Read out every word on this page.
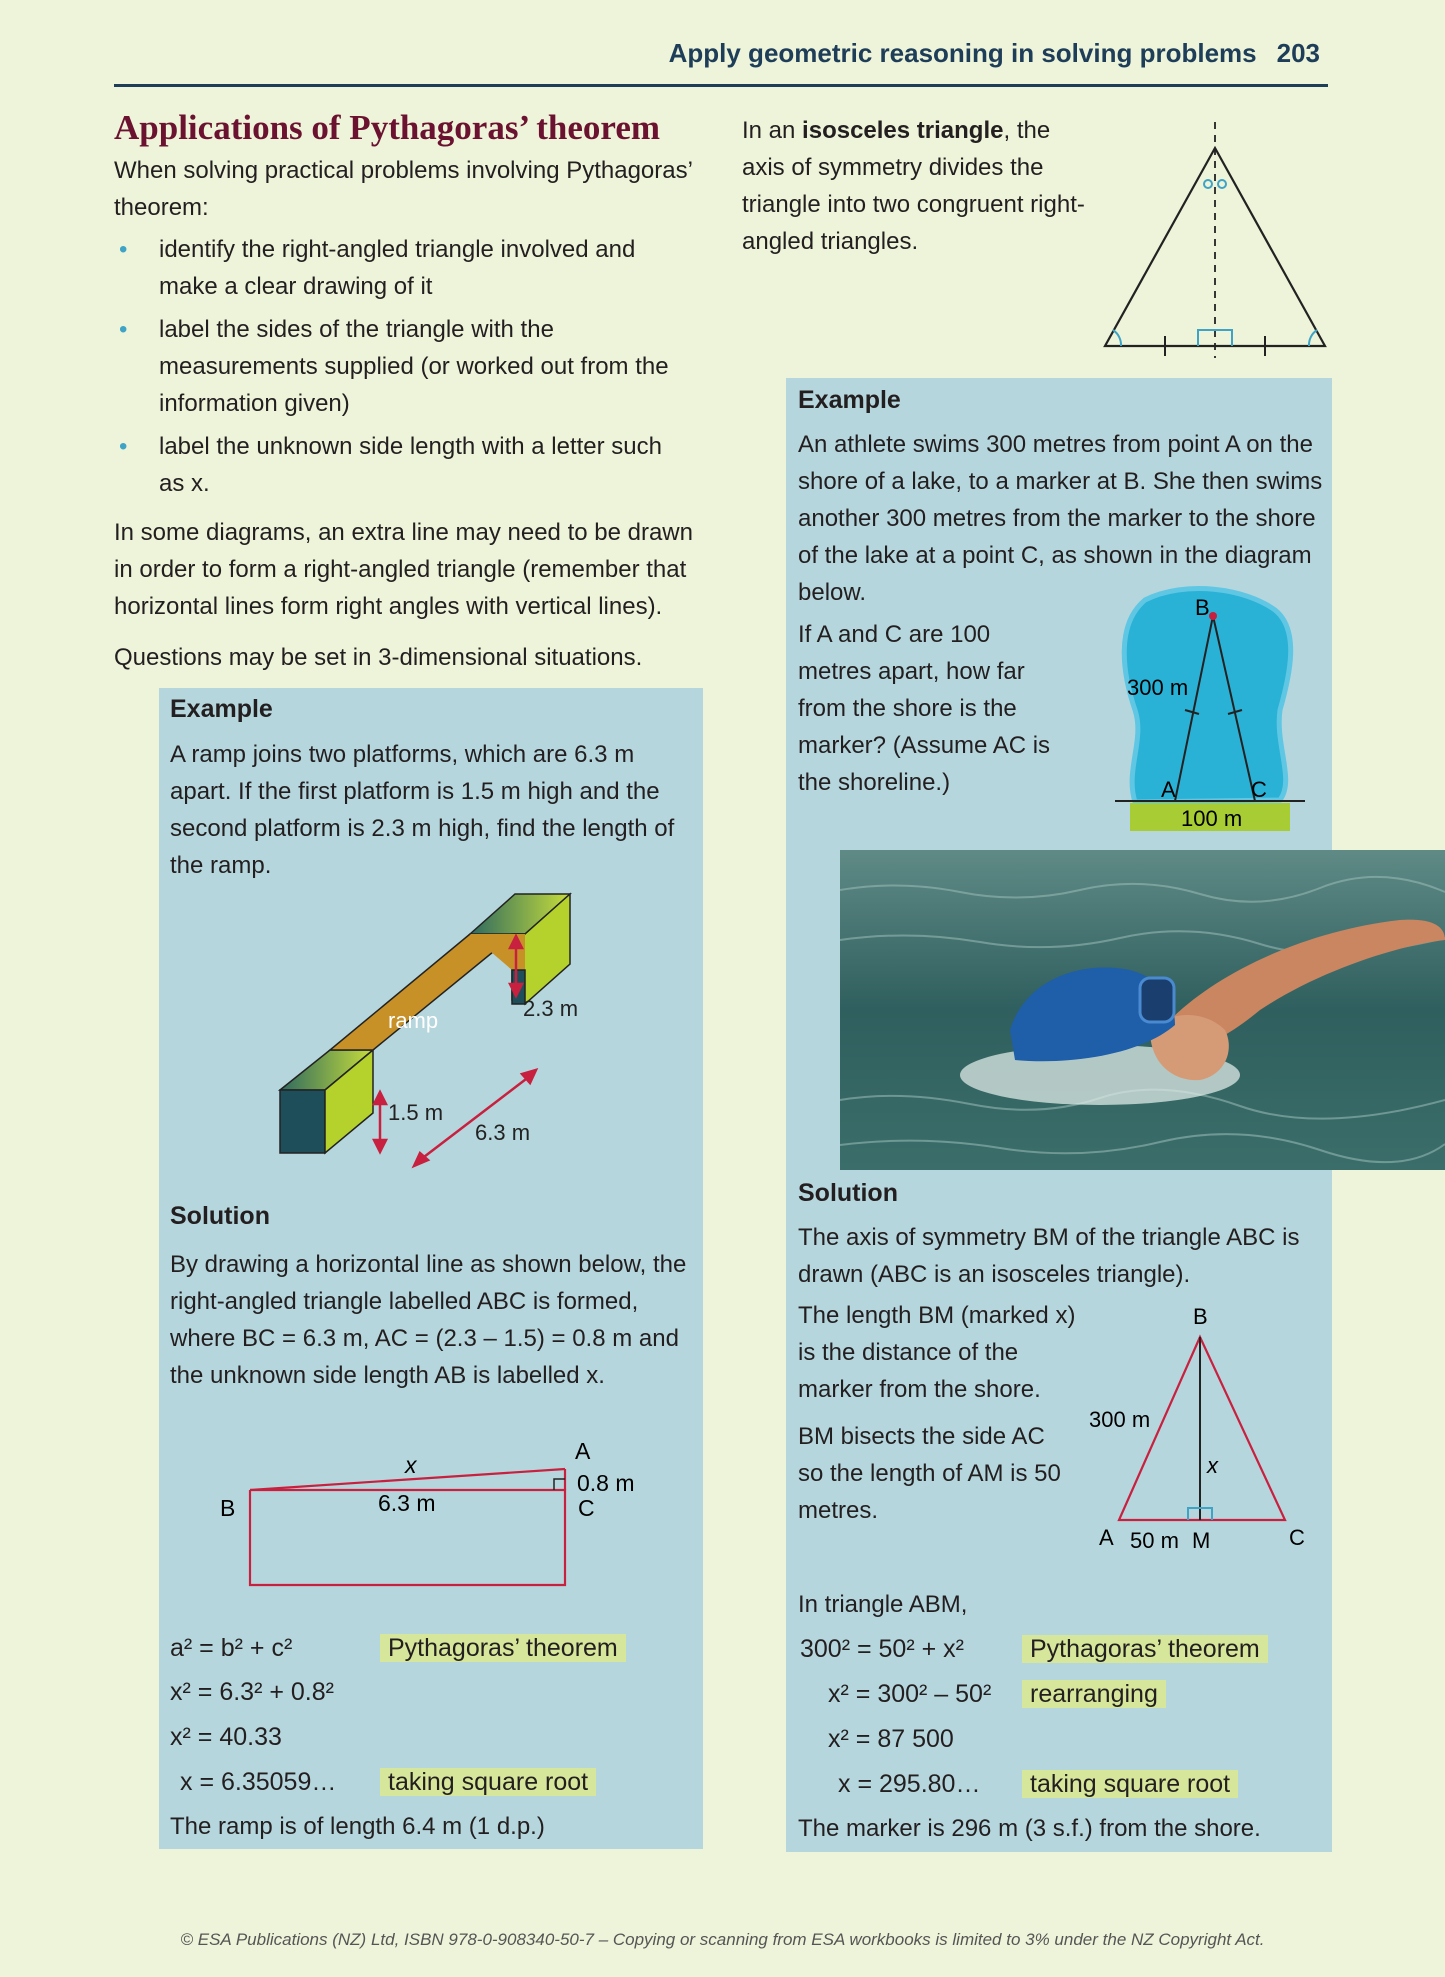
Apply geometric reasoning in solving problems 203
Applications of Pythagoras’ theorem
When solving practical problems involving Pythagoras’ theorem:
• identify the right-angled triangle involved and make a clear drawing of it
• label the sides of the triangle with the measurements supplied (or worked out from the information given)
• label the unknown side length with a letter such as x.
In some diagrams, an extra line may need to be drawn in order to form a right-angled triangle (remember that horizontal lines form right angles with vertical lines).
Questions may be set in 3-dimensional situations.
Example
A ramp joins two platforms, which are 6.3 m apart. If the first platform is 1.5 m high and the second platform is 2.3 m high, find the length of the ramp.
ramp	2.3 m
1.5 m
6.3 m
Solution
By drawing a horizontal line as shown below, the right-angled triangle labelled ABC is formed, where BC = 6.3 m, AC = (2.3 – 1.5) = 0.8 m and the unknown side length AB is labelled x.
A
B	C
x
6.3 m
0.8 m
a² = b² + c²	Pythagoras’ theorem
x² = 6.3² + 0.8²
x² = 40.33
x = 6.35059…	taking square root
The ramp is of length 6.4 m (1 d.p.)
In an isosceles triangle, the axis of symmetry divides the triangle into two congruent right-angled triangles.
Example
An athlete swims 300 metres from point A on the shore of a lake, to a marker at B. She then swims another 300 metres from the marker to the shore of the lake at a point C, as shown in the diagram below.
If A and C are 100 metres apart, how far from the shore is the marker? (Assume AC is the shoreline.)
B
300 m
A	C
100 m
Solution
The axis of symmetry BM of the triangle ABC is drawn (ABC is an isosceles triangle).
The length BM (marked x) is the distance of the marker from the shore.
BM bisects the side AC so the length of AM is 50 metres.
B
300 m
x
A 50 m M	C
In triangle ABM,
300² = 50² + x²	Pythagoras’ theorem
x² = 300² – 50²	rearranging
x² = 87 500
x = 295.80…	taking square root
The marker is 296 m (3 s.f.) from the shore.
© ESA Publications (NZ) Ltd, ISBN 978-0-908340-50-7 – Copying or scanning from ESA workbooks is limited to 3% under the NZ Copyright Act.
